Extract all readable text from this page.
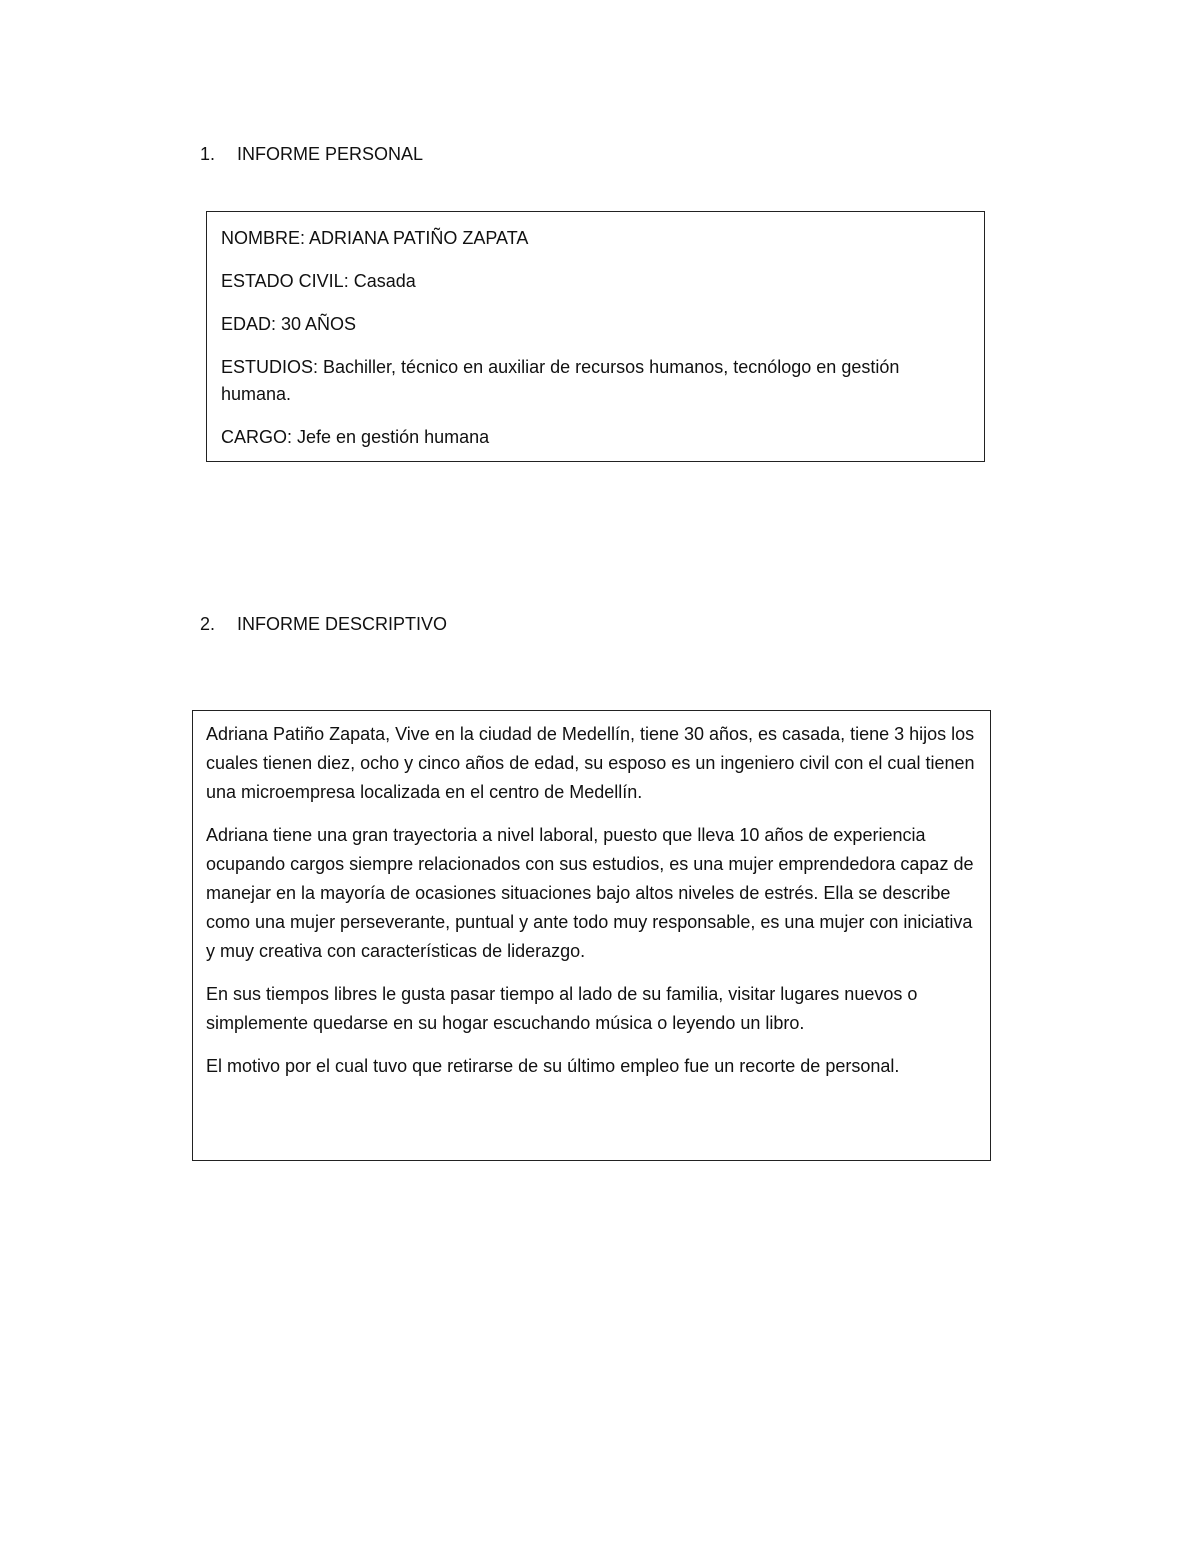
1.	INFORME PERSONAL

NOMBRE: ADRIANA PATIÑO ZAPATA

ESTADO CIVIL: Casada

EDAD: 30 AÑOS

ESTUDIOS: Bachiller, técnico en auxiliar de recursos humanos, tecnólogo en gestión humana.

CARGO: Jefe en gestión humana

2.	INFORME DESCRIPTIVO

Adriana Patiño Zapata, Vive en la ciudad de Medellín, tiene 30 años, es casada, tiene 3 hijos los cuales tienen diez, ocho y cinco años de edad, su esposo es un ingeniero civil con el cual tienen una microempresa localizada en el centro de Medellín.

Adriana tiene una gran trayectoria a nivel laboral, puesto que lleva 10 años de experiencia ocupando cargos siempre relacionados con sus estudios, es una mujer emprendedora capaz de manejar en la mayoría de ocasiones situaciones bajo altos niveles de estrés. Ella se describe como una mujer perseverante, puntual y ante todo muy responsable, es una mujer con iniciativa y muy creativa con características de liderazgo.

En sus tiempos libres le gusta pasar tiempo al lado de su familia, visitar lugares nuevos o simplemente quedarse en su hogar escuchando música o leyendo un libro.

El motivo por el cual tuvo que retirarse de su último empleo fue un recorte de personal.
